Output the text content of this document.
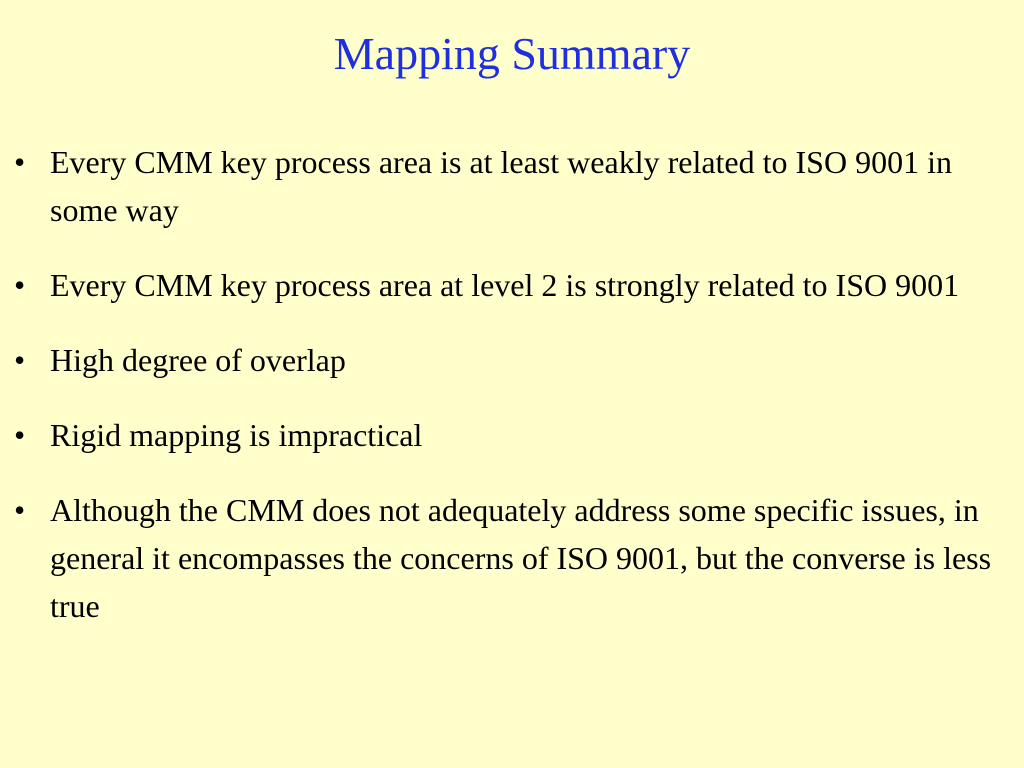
Mapping Summary
• Every CMM key process area is at least weakly related to ISO 9001 in some way
• Every CMM key process area at level 2 is strongly related to ISO 9001
• High degree of overlap
• Rigid mapping is impractical
• Although the CMM does not adequately address some specific issues, in general it encompasses the concerns of ISO 9001, but the converse is less true
